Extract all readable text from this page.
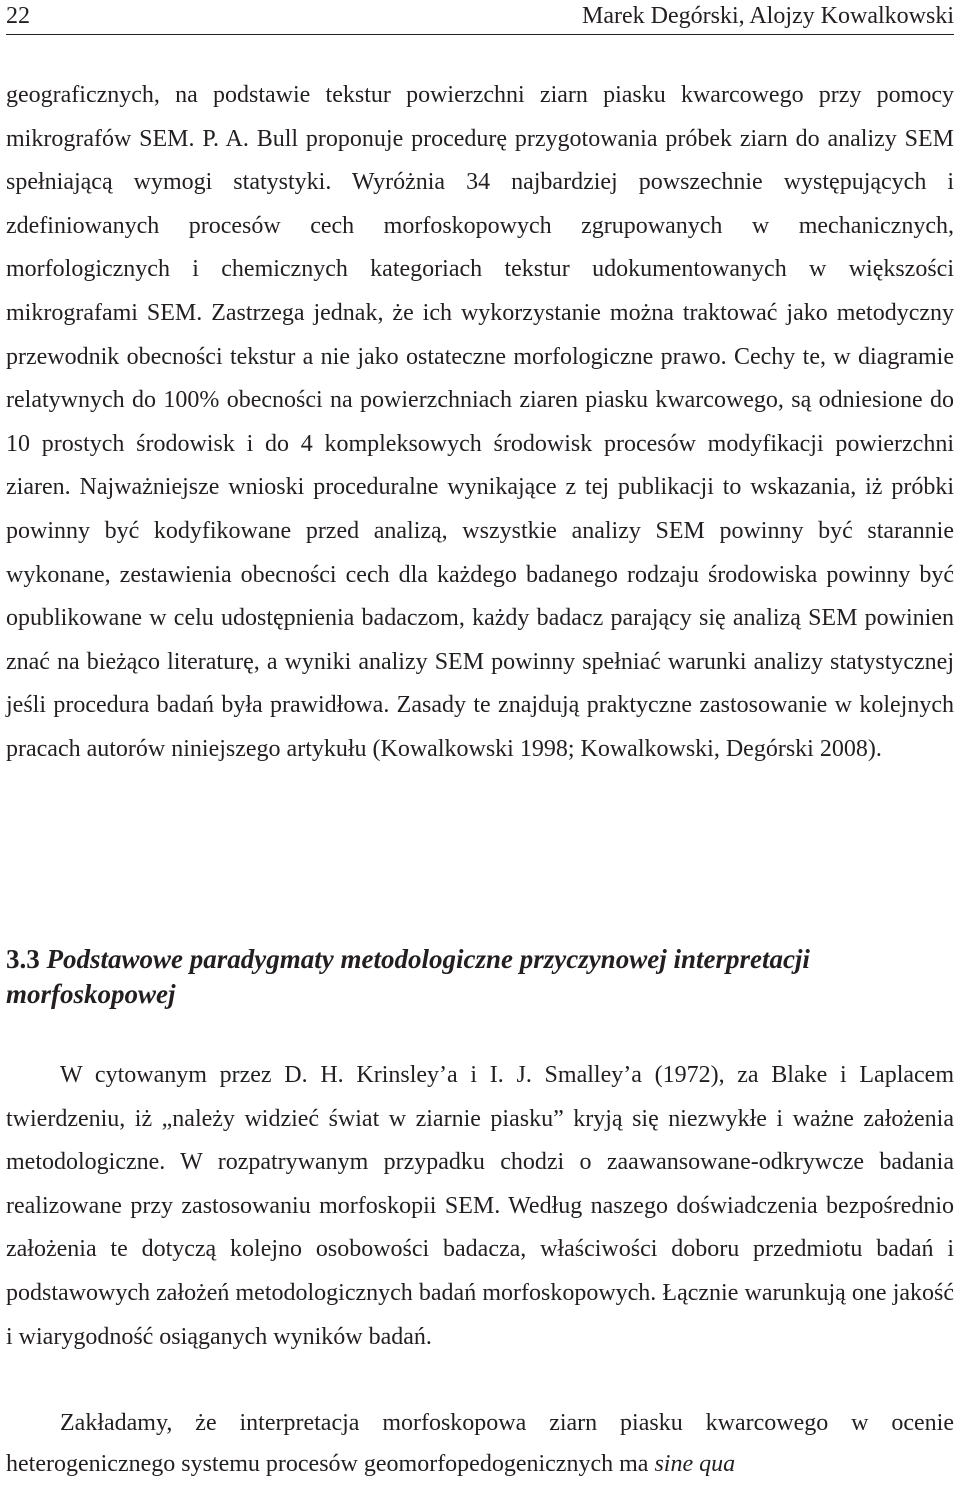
22	Marek Degórski, Alojzy Kowalkowski

geograficznych, na podstawie tekstur powierzchni ziarn piasku kwarcowego przy pomocy mikrografów SEM. P. A. Bull proponuje procedurę przygotowania próbek ziarn do analizy SEM spełniającą wymogi statystyki. Wyróżnia 34 najbardziej powszechnie występujących i zdefiniowanych procesów cech morfoskopowych zgrupowanych w mechanicznych, morfologicznych i chemicznych kategoriach tekstur udokumentowanych w większości mikrografami SEM. Zastrzega jednak, że ich wykorzystanie można traktować jako metodyczny przewodnik obecności tekstur a nie jako ostateczne morfologiczne prawo. Cechy te, w diagramie relatywnych do 100% obecności na powierzchniach ziaren piasku kwarcowego, są odniesione do 10 prostych środowisk i do 4 kompleksowych środowisk procesów modyfikacji powierzchni ziaren. Najważniejsze wnioski proceduralne wynikające z tej publikacji to wskazania, iż próbki powinny być kodyfikowane przed analizą, wszystkie analizy SEM powinny być starannie wykonane, zestawienia obecności cech dla każdego badanego rodzaju środowiska powinny być opublikowane w celu udostępnienia badaczom, każdy badacz parający się analizą SEM powinien znać na bieżąco literaturę, a wyniki analizy SEM powinny spełniać warunki analizy statystycznej jeśli procedura badań była prawidłowa. Zasady te znajdują praktyczne zastosowanie w kolejnych pracach autorów niniejszego artykułu (Kowalkowski 1998; Kowalkowski, Degórski 2008).

3.3 Podstawowe paradygmaty metodologiczne przyczynowej interpretacji morfoskopowej

W cytowanym przez D. H. Krinsley’a i I. J. Smalley’a (1972), za Blake i Laplacem twierdzeniu, iż „należy widzieć świat w ziarnie piasku” kryją się niezwykłe i ważne założenia metodologiczne. W rozpatrywanym przypadku chodzi o zaawansowane-odkrywcze badania realizowane przy zastosowaniu morfoskopii SEM. Według naszego doświadczenia bezpośrednio założenia te dotyczą kolejno osobowości badacza, właściwości doboru przedmiotu badań i podstawowych założeń metodologicznych badań morfoskopowych. Łącznie warunkują one jakość i wiarygodność osiąganych wyników badań.

Zakładamy, że interpretacja morfoskopowa ziarn piasku kwarcowego w ocenie heterogenicznego systemu procesów geomorfopedogenicznych ma sine qua
